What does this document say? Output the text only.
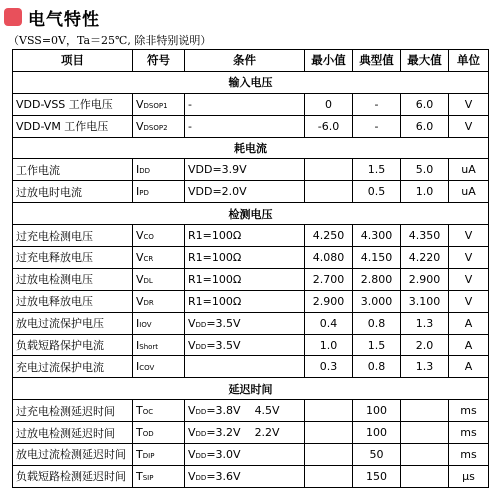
电气特性
（VSS=0V，Ta＝25℃, 除非特别说明）
项目	符号	条件	最小值	典型值	最大值	单位
输入电压						
VDD-VSS 工作电压	VDSOP1	-	0	-	6.0	V
VDD-VM 工作电压	VDSOP2	-	-6.0	-	6.0	V
耗电流						
工作电流	IDD	VDD=3.9V		1.5	5.0	uA
过放电时电流	IPD	VDD=2.0V		0.5	1.0	uA
检测电压						
过充电检测电压	VCO	R1=100Ω	4.250	4.300	4.350	V
过充电释放电压	VCR	R1=100Ω	4.080	4.150	4.220	V
过放电检测电压	VDL	R1=100Ω	2.700	2.800	2.900	V
过放电释放电压	VDR	R1=100Ω	2.900	3.000	3.100	V
放电过流保护电压	IIOV	VDD=3.5V	0.4	0.8	1.3	A
负载短路保护电流	IShort	VDD=3.5V	1.0	1.5	2.0	A
充电过流保护电流	ICOV		0.3	0.8	1.3	A
延迟时间						
过充电检测延迟时间	TOC	VDD=3.8V 4.5V		100		ms
过放电检测延迟时间	TOD	VDD=3.2V 2.2V		100		ms
放电过流检测延迟时间	TDIP	VDD=3.0V		50		ms
负载短路检测延迟时间	TSIP	VDD=3.6V		150		μs
